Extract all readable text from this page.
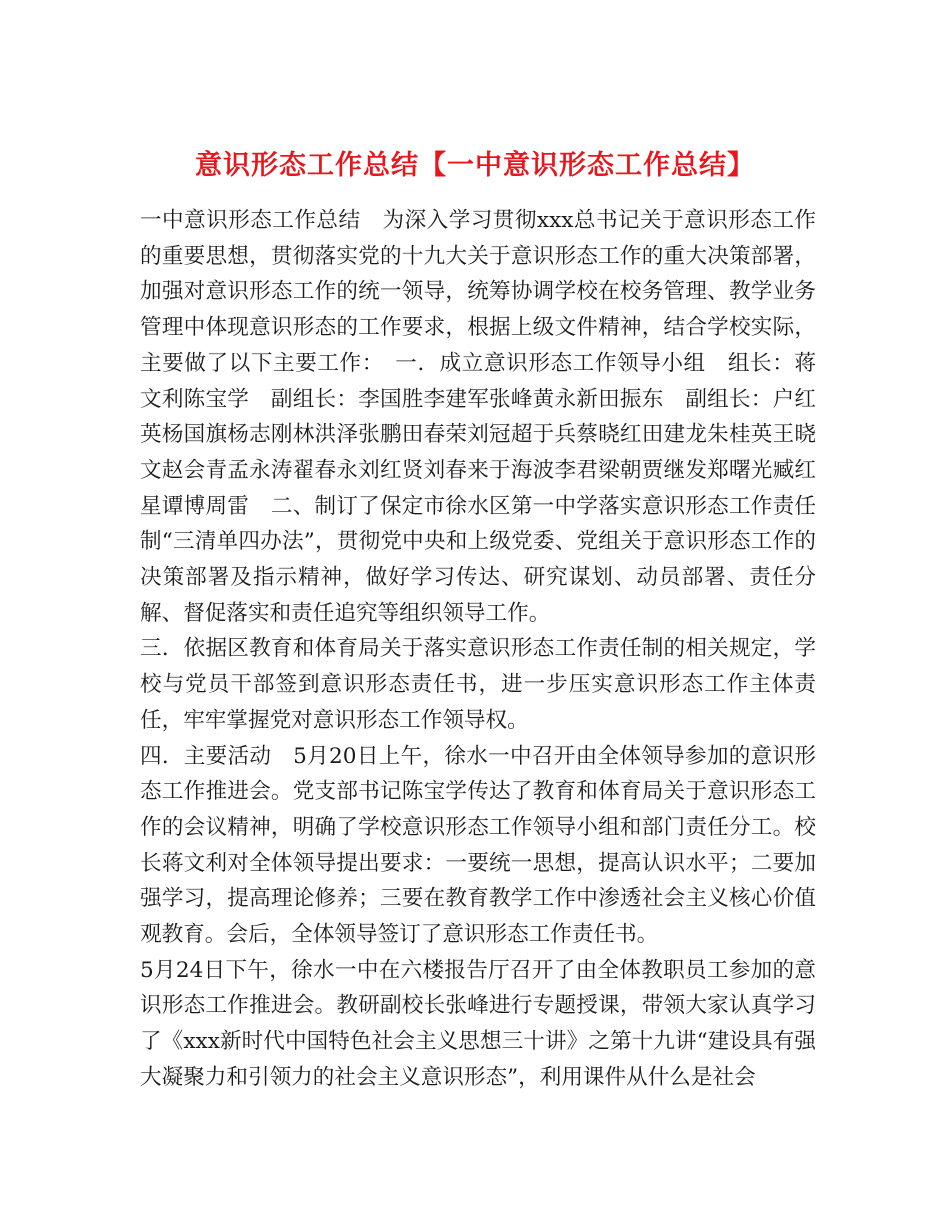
意识形态工作总结【一中意识形态工作总结】

一中意识形态工作总结　为深入学习贯彻xxx总书记关于意识形态工作的重要思想，贯彻落实党的十九大关于意识形态工作的重大决策部署，加强对意识形态工作的统一领导，统筹协调学校在校务管理、教学业务管理中体现意识形态的工作要求，根据上级文件精神，结合学校实际，主要做了以下主要工作：　一．成立意识形态工作领导小组　组长：蒋文利陈宝学　副组长：李国胜李建军张峰黄永新田振东　副组长：户红英杨国旗杨志刚林洪泽张鹏田春荣刘冠超于兵蔡晓红田建龙朱桂英王晓文赵会青孟永涛翟春永刘红贤刘春来于海波李君梁朝贾继发郑曙光臧红星谭博周雷　二、制订了保定市徐水区第一中学落实意识形态工作责任制“三清单四办法”，贯彻党中央和上级党委、党组关于意识形态工作的决策部署及指示精神，做好学习传达、研究谋划、动员部署、责任分解、督促落实和责任追究等组织领导工作。

三．依据区教育和体育局关于落实意识形态工作责任制的相关规定，学校与党员干部签到意识形态责任书，进一步压实意识形态工作主体责任，牢牢掌握党对意识形态工作领导权。

四．主要活动　5月20日上午，徐水一中召开由全体领导参加的意识形态工作推进会。党支部书记陈宝学传达了教育和体育局关于意识形态工作的会议精神，明确了学校意识形态工作领导小组和部门责任分工。校长蒋文利对全体领导提出要求：一要统一思想，提高认识水平；二要加强学习，提高理论修养；三要在教育教学工作中渗透社会主义核心价值观教育。会后，全体领导签订了意识形态工作责任书。

5月24日下午，徐水一中在六楼报告厅召开了由全体教职员工参加的意识形态工作推进会。教研副校长张峰进行专题授课，带领大家认真学习了《xxx新时代中国特色社会主义思想三十讲》之第十九讲“建设具有强大凝聚力和引领力的社会主义意识形态”，利用课件从什么是社会
